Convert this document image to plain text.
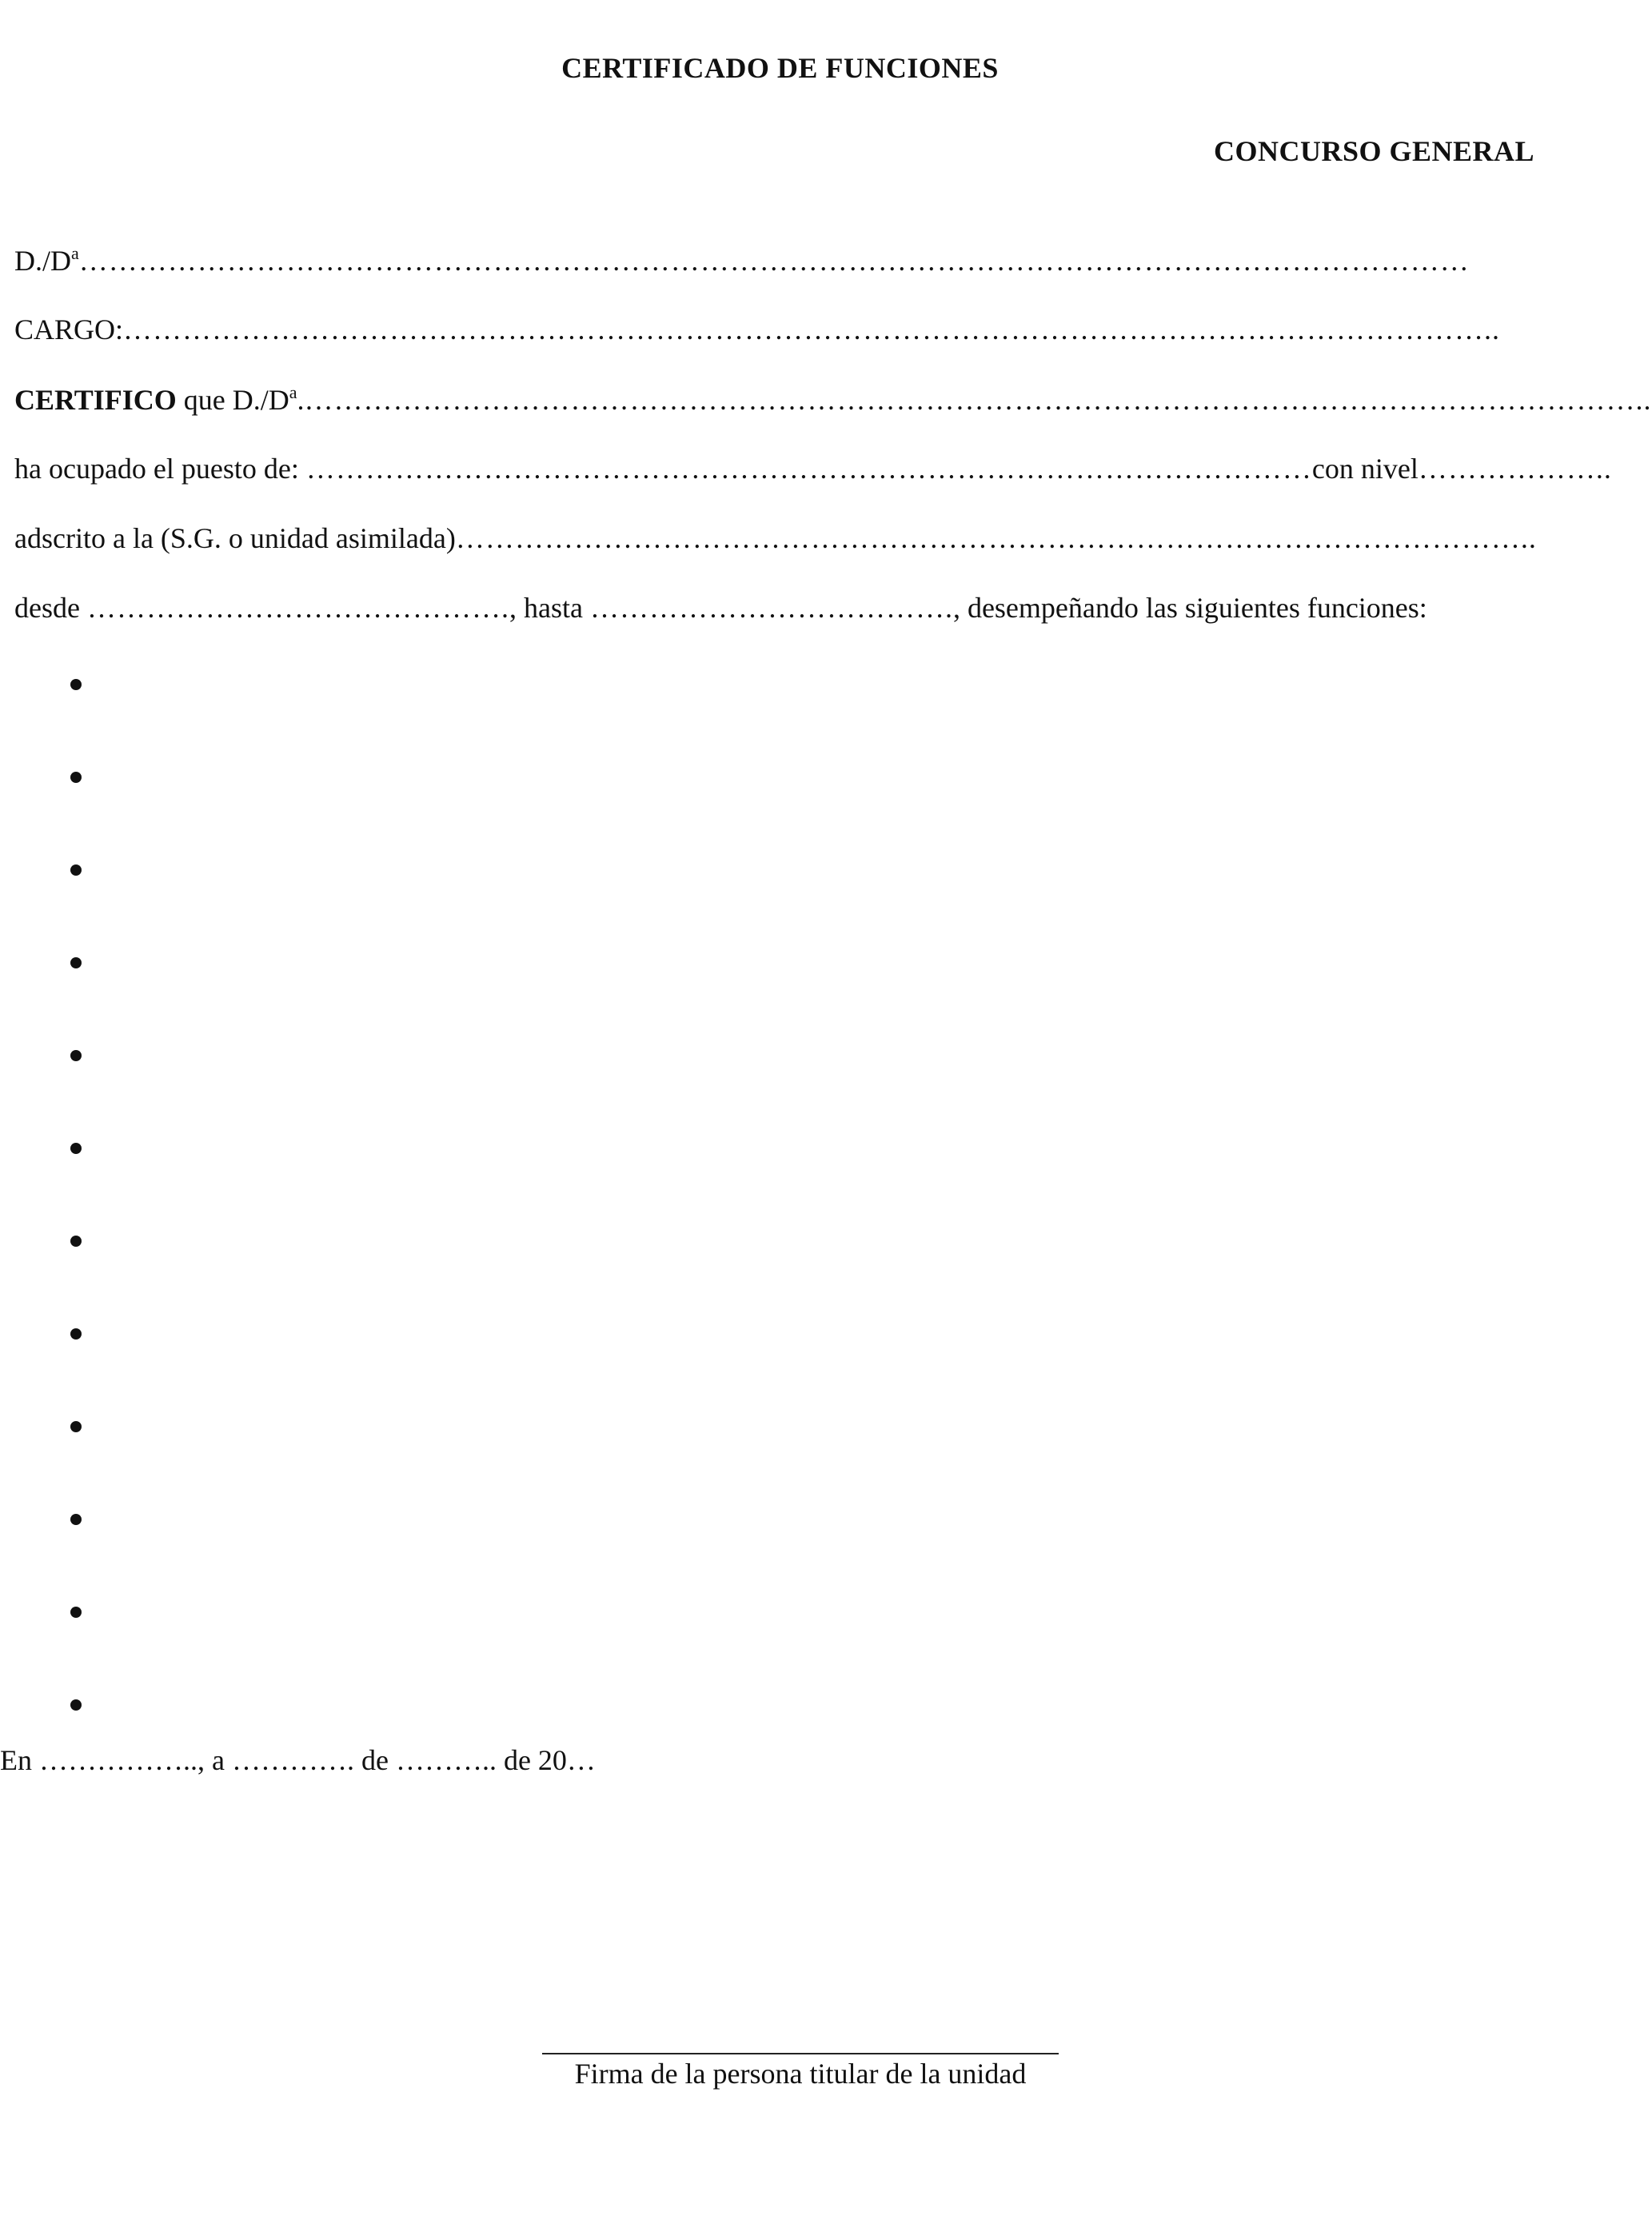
CERTIFICADO DE FUNCIONES
CONCURSO GENERAL
$D./D^a\dots\dots\dots\dots\dots\dots\dots\dots\dots\dots\dots\dots\dots\dots\dots\dots\dots\dots\dots\dots\dots\dots\dots\dots\dots\dots\dots\dots\dots\dots\dots\dots\dots\dots\dots\dots\dots\dots\dots\dots\dots\dots\dots\dots\dots\dots\dots$
CARGO:…………………………………………………………………………………………………………………………..
CERTIFICO que $D./D^a.\dots\dots\dots\dots\dots\dots\dots\dots\dots\dots\dots\dots\dots\dots\dots\dots\dots\dots\dots\dots\dots\dots\dots\dots\dots\dots\dots\dots\dots\dots\dots\dots\dots\dots\dots\dots\dots\dots\dots\dots\dots\dots\dots\dots\dots$..
ha ocupado el puesto de: …………………………………………………………………………………………con nivel………………..
adscrito a la (S.G. o unidad asimilada)………………………………………………………………………………………………..
desde ……………………………………., hasta ………………………………., desempeñando las siguientes funciones:
En …………….., a …………. de ……….. de 20…
Firma de la persona titular de la unidad
